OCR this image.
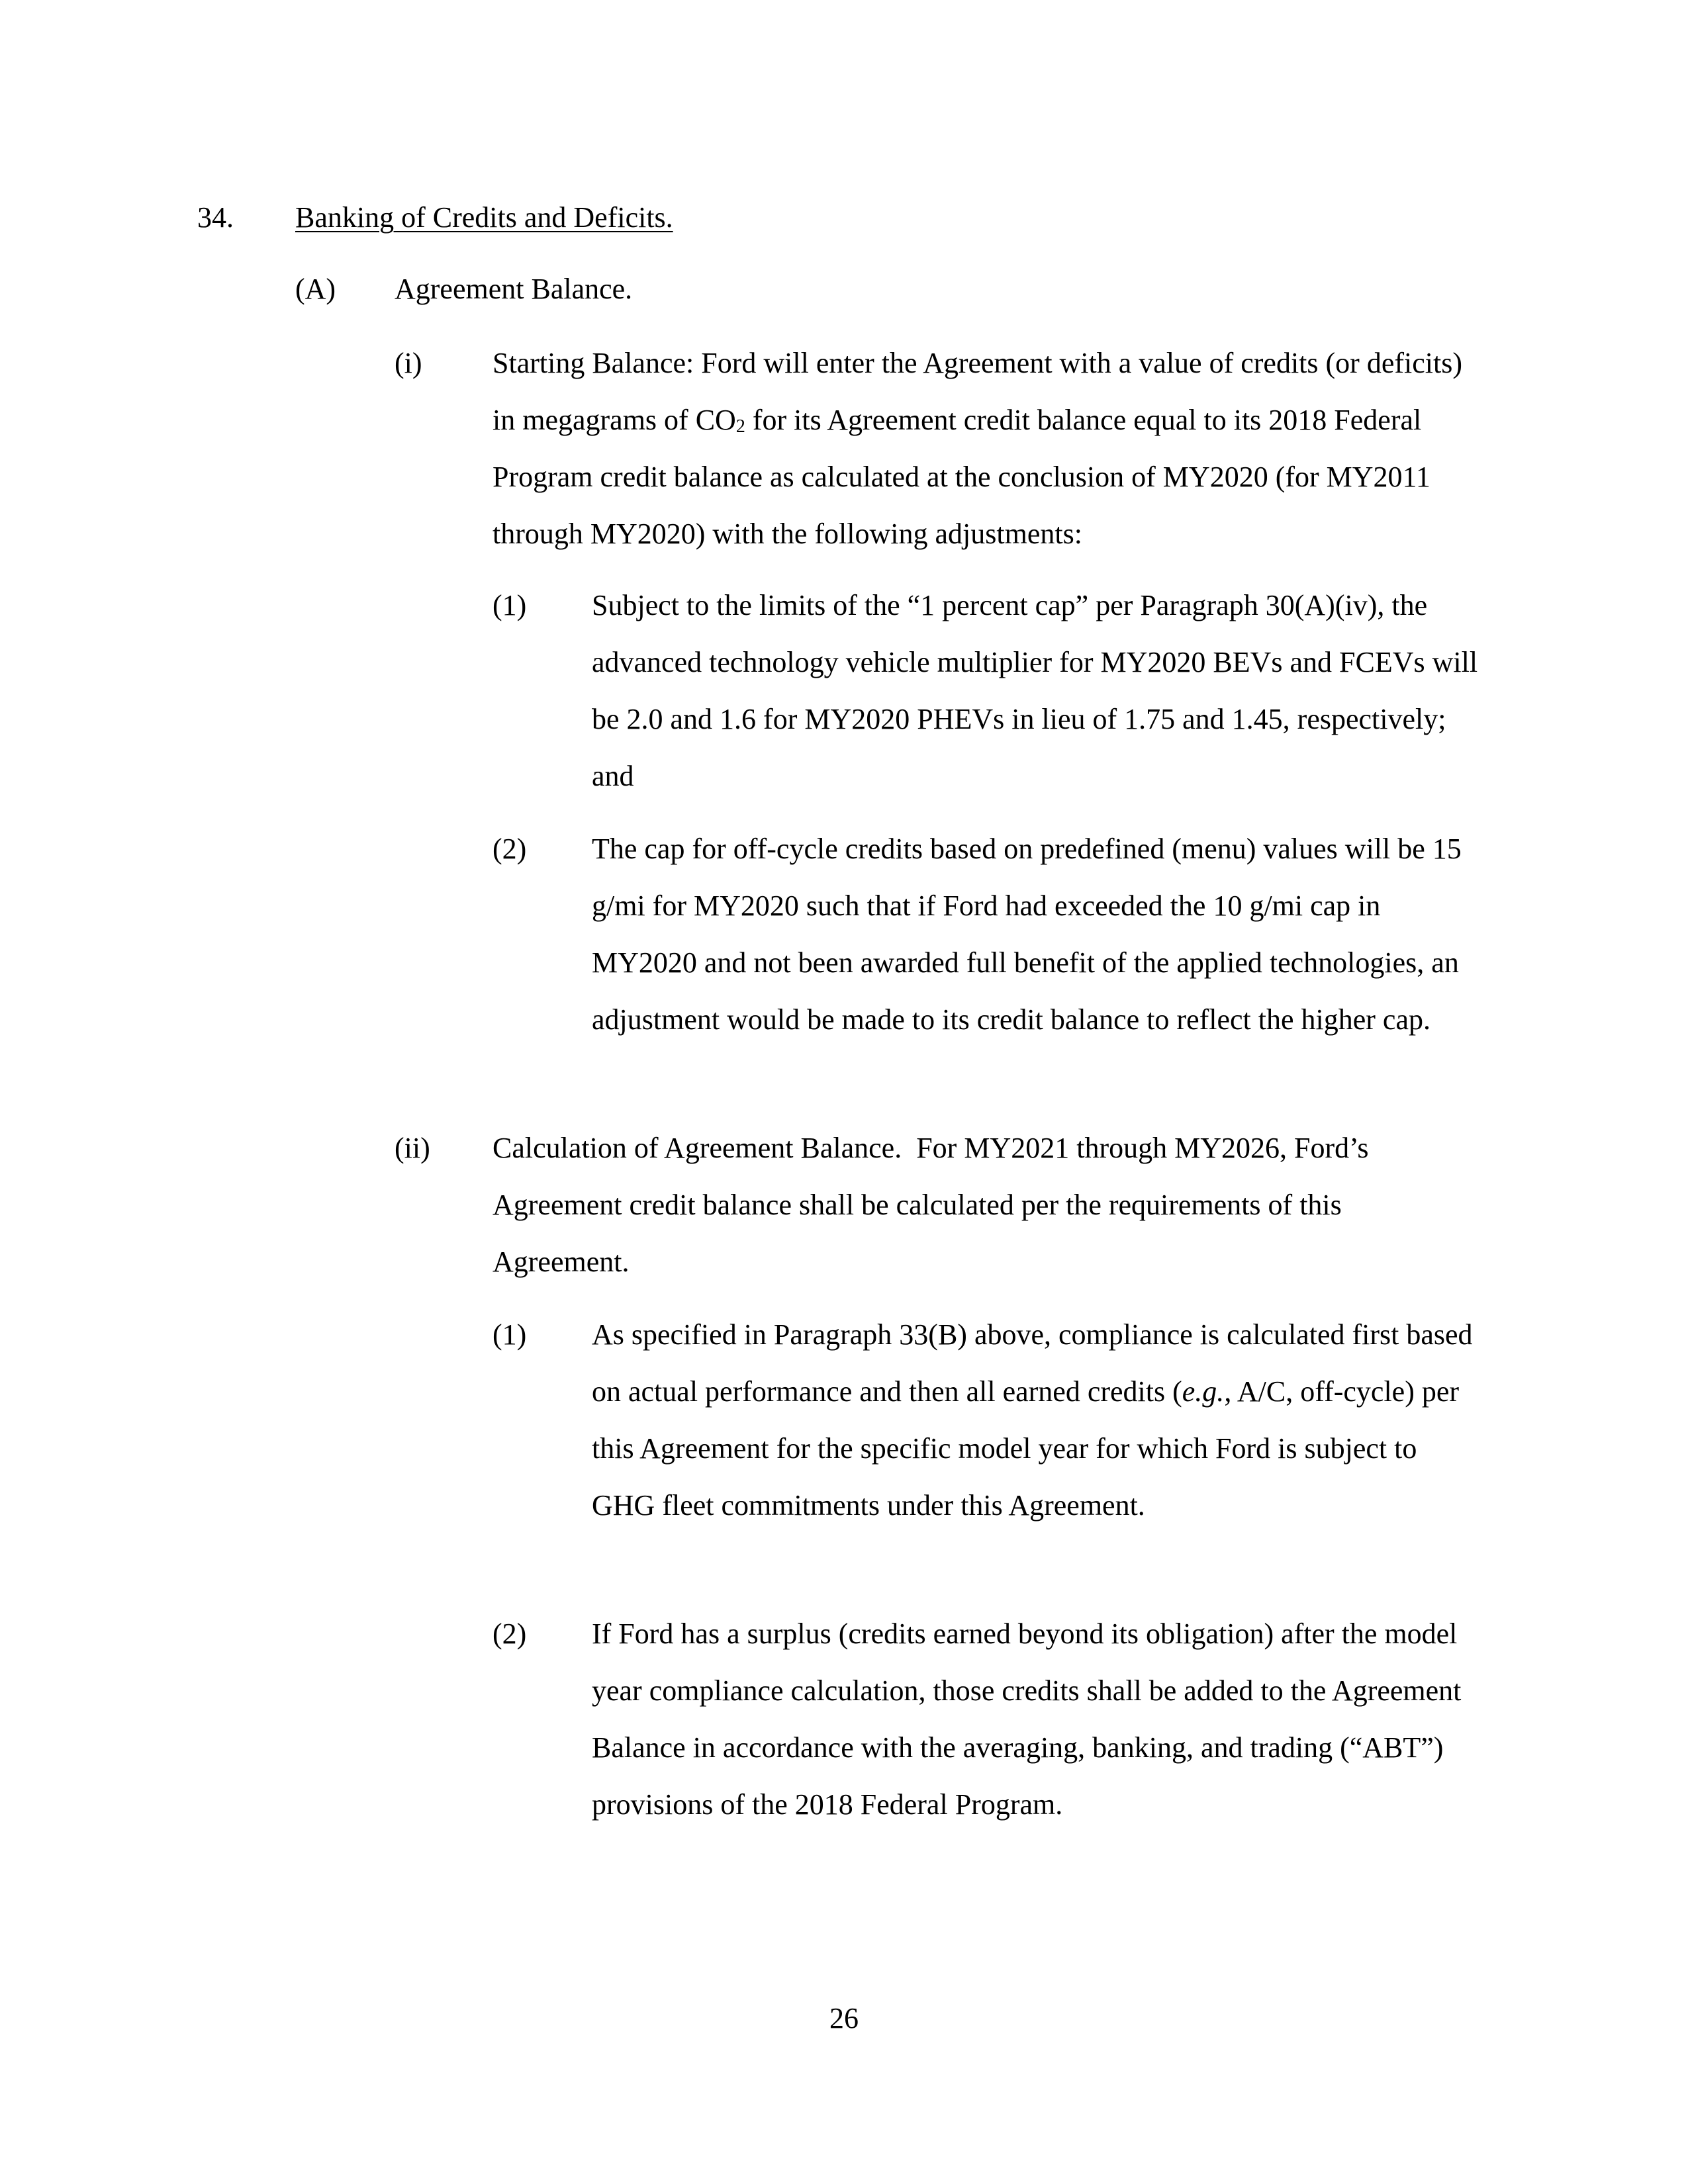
34. Banking of Credits and Deficits.
(A) Agreement Balance.
(i) Starting Balance: Ford will enter the Agreement with a value of credits (or deficits) in megagrams of $CO_2$ for its Agreement credit balance equal to its 2018 Federal Program credit balance as calculated at the conclusion of MY2020 (for MY2011 through MY2020) with the following adjustments:

(1) Subject to the limits of the “1 percent cap” per Paragraph 30(A)(iv), the advanced technology vehicle multiplier for MY2020 BEVs and FCEVs will be 2.0 and 1.6 for MY2020 PHEVs in lieu of 1.75 and 1.45, respectively; and

(2) The cap for off-cycle credits based on predefined (menu) values will be 15 g/mi for MY2020 such that if Ford had exceeded the 10 g/mi cap in MY2020 and not been awarded full benefit of the applied technologies, an adjustment would be made to its credit balance to reflect the higher cap.

(ii) Calculation of Agreement Balance.  For MY2021 through MY2026, Ford’s Agreement credit balance shall be calculated per the requirements of this Agreement.

(1) As specified in Paragraph 33(B) above, compliance is calculated first based on actual performance and then all earned credits (e.g., A/C, off-cycle) per this Agreement for the specific model year for which Ford is subject to GHG fleet commitments under this Agreement.

(2) If Ford has a surplus (credits earned beyond its obligation) after the model year compliance calculation, those credits shall be added to the Agreement Balance in accordance with the averaging, banking, and trading (“ABT”) provisions of the 2018 Federal Program.

26
